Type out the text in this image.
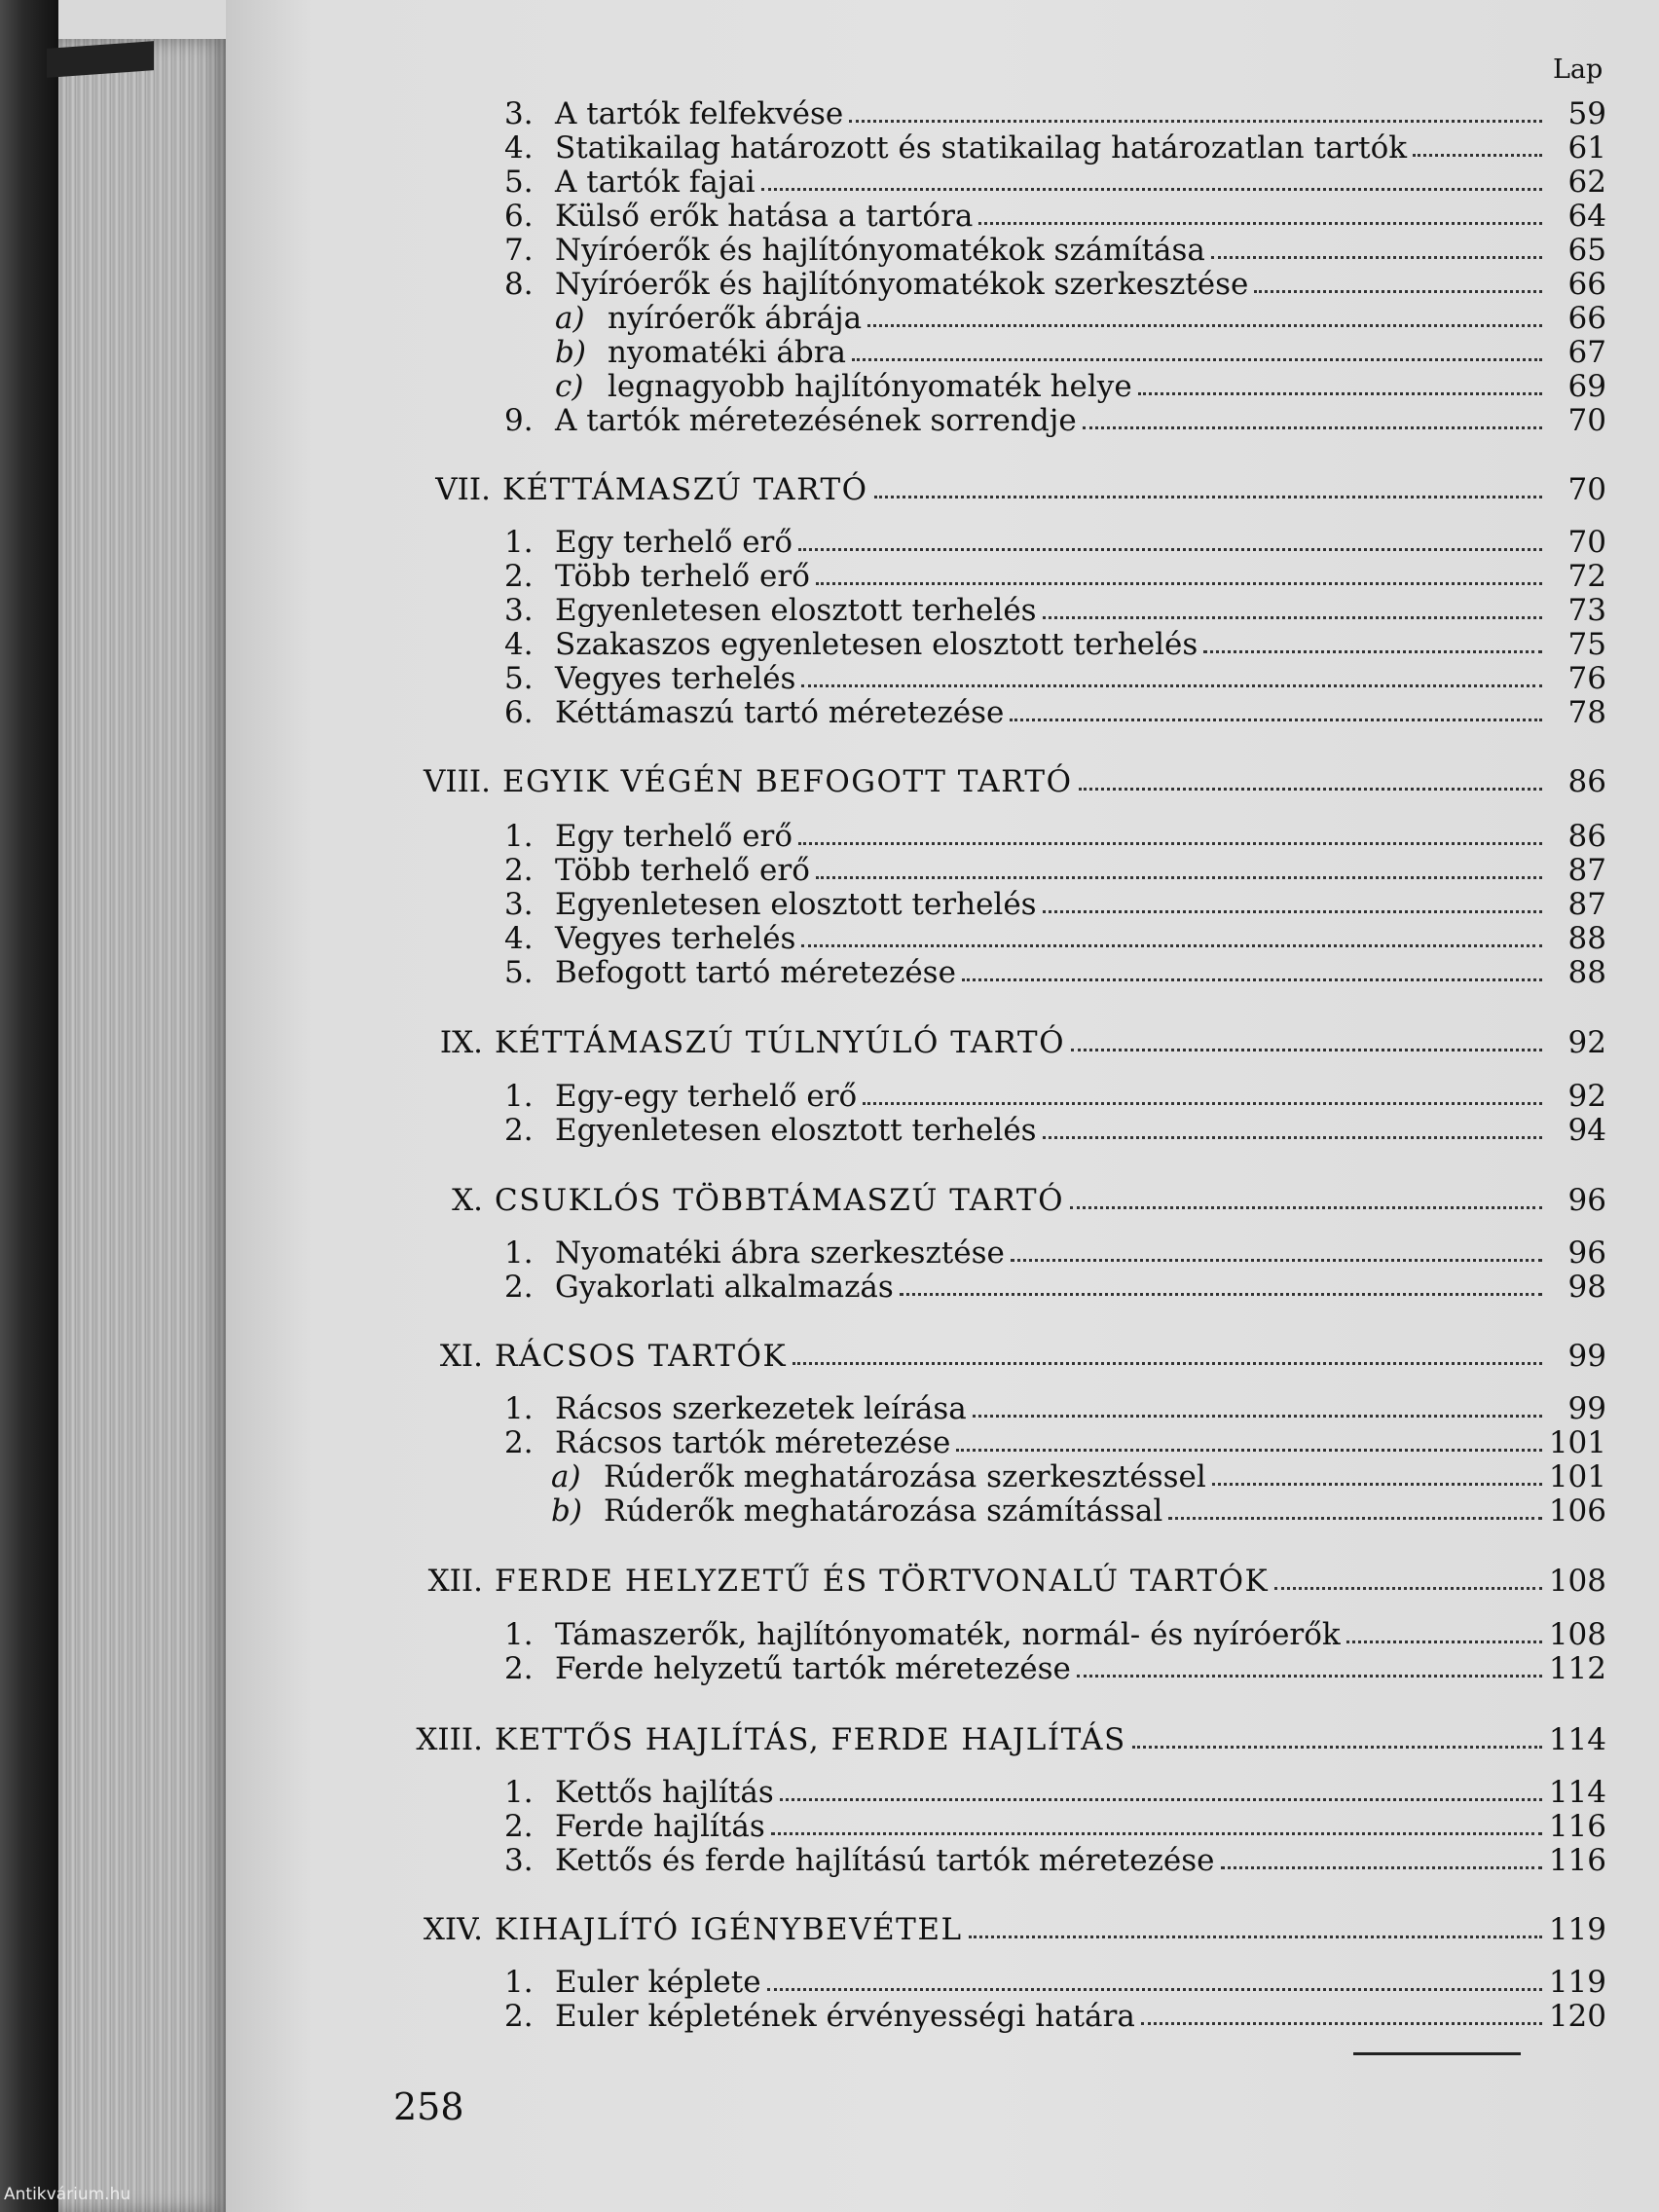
Lap
3. A tartók felfekvése	59
4. Statikailag határozott és statikailag határozatlan tartók	61
5. A tartók fajai	62
6. Külső erők hatása a tartóra	64
7. Nyíróerők és hajlítónyomatékok számítása	65
8. Nyíróerők és hajlítónyomatékok szerkesztése	66
a) nyíróerők ábrája	66
b) nyomatéki ábra	67
c) legnagyobb hajlítónyomaték helye	69
9. A tartók méretezésének sorrendje	70
VII. KÉTTÁMASZÚ TARTÓ	70
1. Egy terhelő erő	70
2. Több terhelő erő	72
3. Egyenletesen elosztott terhelés	73
4. Szakaszos egyenletesen elosztott terhelés	75
5. Vegyes terhelés	76
6. Kéttámaszú tartó méretezése	78
VIII. EGYIK VÉGÉN BEFOGOTT TARTÓ	86
1. Egy terhelő erő	86
2. Több terhelő erő	87
3. Egyenletesen elosztott terhelés	87
4. Vegyes terhelés	88
5. Befogott tartó méretezése	88
IX. KÉTTÁMASZÚ TÚLNYÚLÓ TARTÓ	92
1. Egy-egy terhelő erő	92
2. Egyenletesen elosztott terhelés	94
X. CSUKLÓS TÖBBTÁMASZÚ TARTÓ	96
1. Nyomatéki ábra szerkesztése	96
2. Gyakorlati alkalmazás	98
XI. RÁCSOS TARTÓK	99
1. Rácsos szerkezetek leírása	99
2. Rácsos tartók méretezése	101
a) Rúderők meghatározása szerkesztéssel	101
b) Rúderők meghatározása számítással	106
XII. FERDE HELYZETŰ ÉS TÖRTVONALÚ TARTÓK	108
1. Támaszerők, hajlítónyomaték, normál- és nyíróerők	108
2. Ferde helyzetű tartók méretezése	112
XIII. KETTŐS HAJLÍTÁS, FERDE HAJLÍTÁS	114
1. Kettős hajlítás	114
2. Ferde hajlítás	116
3. Kettős és ferde hajlítású tartók méretezése	116
XIV. KIHAJLÍTÓ IGÉNYBEVÉTEL	119
1. Euler képlete	119
2. Euler képletének érvényességi határa	120
258
Antikvárium.hu
